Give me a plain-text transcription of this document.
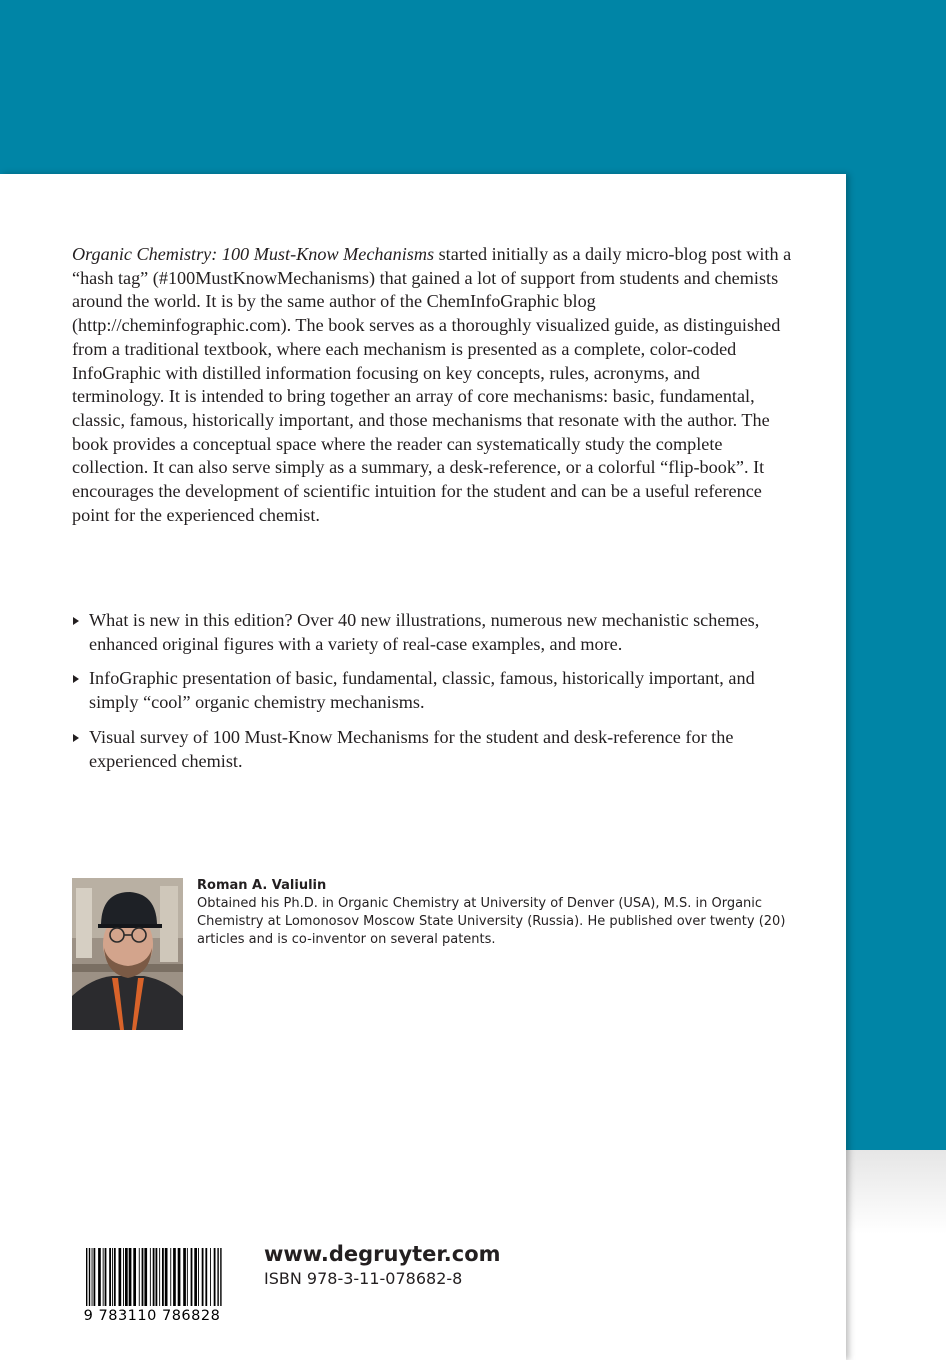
Organic Chemistry: 100 Must-Know Mechanisms started initially as a daily micro-blog post with a “hash tag” (#100MustKnowMechanisms) that gained a lot of support from students and chemists around the world. It is by the same author of the ChemInfoGraphic blog (http://cheminfographic.com). The book serves as a thoroughly visualized guide, as distinguished from a traditional textbook, where each mechanism is presented as a complete, color-coded InfoGraphic with distilled information focusing on key concepts, rules, acronyms, and terminology. It is intended to bring together an array of core mechanisms: basic, fundamental, classic, famous, historically important, and those mechanisms that resonate with the author. The book provides a conceptual space where the reader can systematically study the complete collection. It can also serve simply as a summary, a desk-reference, or a colorful “flip-book”. It encourages the development of scientific intuition for the student and can be a useful reference point for the experienced chemist.

What is new in this edition? Over 40 new illustrations, numerous new mechanistic schemes, enhanced original figures with a variety of real-case examples, and more.
InfoGraphic presentation of basic, fundamental, classic, famous, historically important, and simply “cool” organic chemistry mechanisms.
Visual survey of 100 Must-Know Mechanisms for the student and desk-reference for the experienced chemist.
Roman A. Valiulin

Obtained his Ph.D. in Organic Chemistry at University of Denver (USA), M.S. in Organic Chemistry at Lomonosov Moscow State University (Russia). He published over twenty (20) articles and is co-inventor on several patents.

9 783110 786828
www.degruyter.com
ISBN 978-3-11-078682-8
